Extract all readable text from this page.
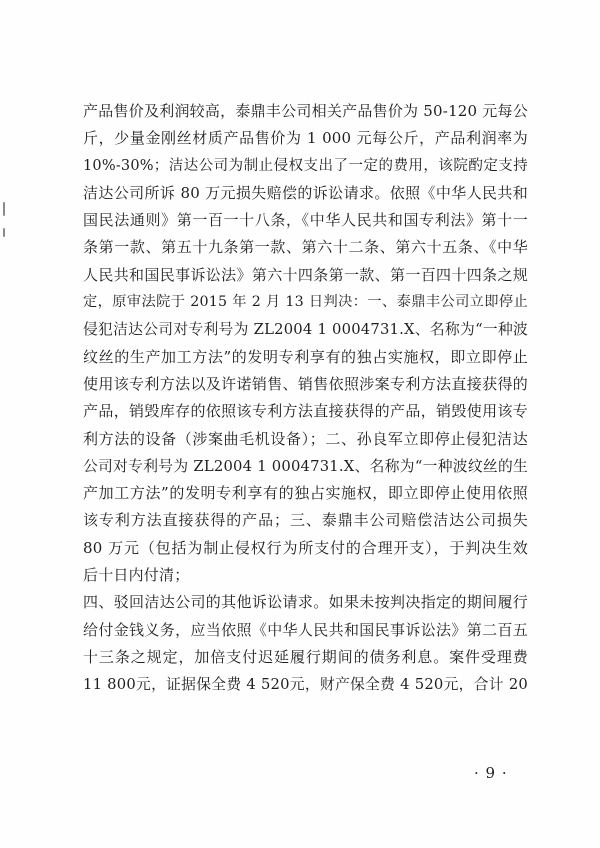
产品售价及利润较高，泰鼎丰公司相关产品售价为 50-120 元每公
斤，少量金刚丝材质产品售价为 1 000 元每公斤，产品利润率为
10%-30%；洁达公司为制止侵权支出了一定的费用，该院酌定支持
洁达公司所诉 80 万元损失赔偿的诉讼请求。依照《中华人民共和
国民法通则》第一百一十八条，《中华人民共和国专利法》第十一
条第一款、第五十九条第一款、第六十二条、第六十五条、《中华
人民共和国民事诉讼法》第六十四条第一款、第一百四十四条之规
定，原审法院于 2015 年 2 月 13 日判决：一、泰鼎丰公司立即停止
侵犯洁达公司对专利号为 ZL2004 1 0004731.X、名称为“一种波
纹丝的生产加工方法”的发明专利享有的独占实施权，即立即停止
使用该专利方法以及许诺销售、销售依照涉案专利方法直接获得的
产品，销毁库存的依照该专利方法直接获得的产品，销毁使用该专
利方法的设备（涉案曲毛机设备）；二、孙良军立即停止侵犯洁达
公司对专利号为 ZL2004 1 0004731.X、名称为“一种波纹丝的生
产加工方法”的发明专利享有的独占实施权，即立即停止使用依照
该专利方法直接获得的产品；三、泰鼎丰公司赔偿洁达公司损失
80 万元（包括为制止侵权行为所支付的合理开支），于判决生效
后十日内付清；
四、驳回洁达公司的其他诉讼请求。如果未按判决指定的期间履行
给付金钱义务，应当依照《中华人民共和国民事诉讼法》第二百五
十三条之规定，加倍支付迟延履行期间的债务利息。案件受理费
11 800元，证据保全费 4 520元，财产保全费 4 520元，合计 20
· 9 ·
